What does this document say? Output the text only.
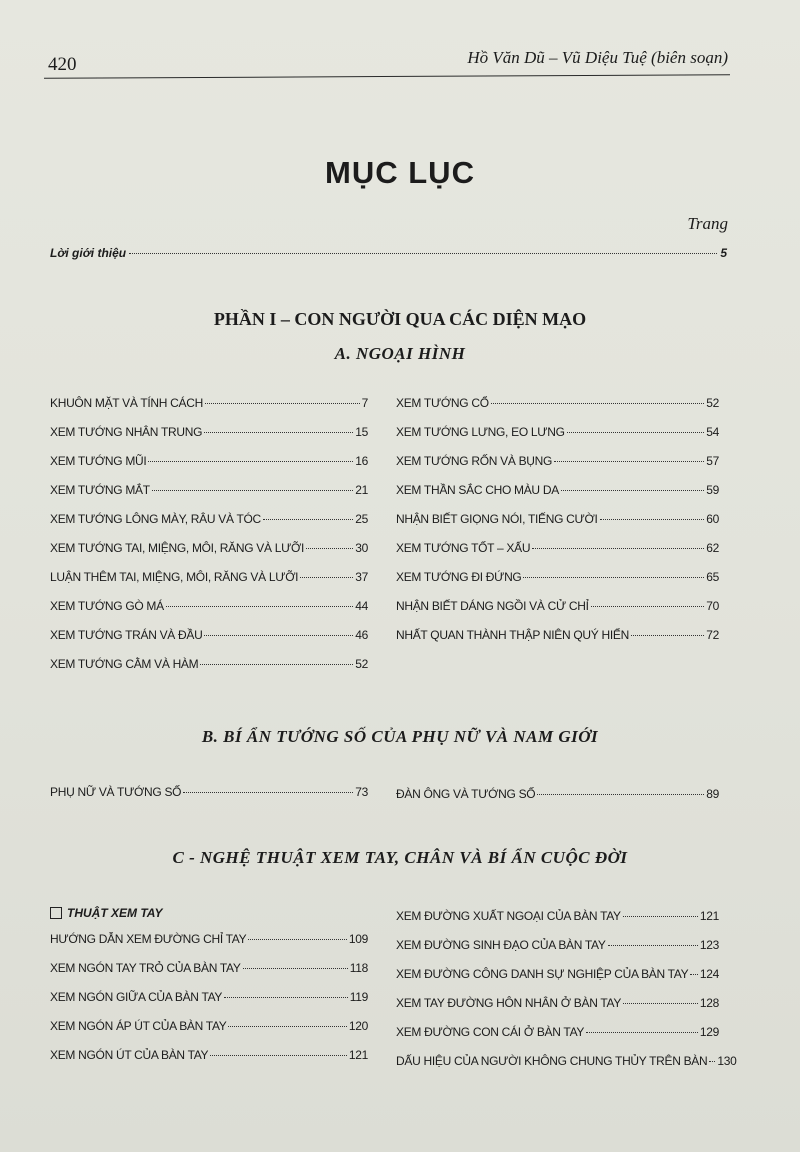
420	Hồ Văn Dũ – Vũ Diệu Tuệ (biên soạn)
MỤC LỤC
Trang
Lời giới thiệu	5
PHẦN I – CON NGƯỜI QUA CÁC DIỆN MẠO
A. NGOẠI HÌNH
KHUÔN MẶT VÀ TÍNH CÁCH	7
XEM TƯỚNG NHÂN TRUNG	15
XEM TƯỚNG MŨI	16
XEM TƯỚNG MẮT	21
XEM TƯỚNG LÔNG MÀY, RÂU VÀ TÓC	25
XEM TƯỚNG TAI, MIỆNG, MÔI, RĂNG VÀ LƯỠI	30
LUẬN THÊM TAI, MIỆNG, MÔI, RĂNG VÀ LƯỠI	37
XEM TƯỚNG GÒ MÁ	44
XEM TƯỚNG TRÁN VÀ ĐẦU	46
XEM TƯỚNG CẰM VÀ HÀM	52
XEM TƯỚNG CỔ	52
XEM TƯỚNG LƯNG, EO LƯNG	54
XEM TƯỚNG RỐN VÀ BỤNG	57
XEM THẦN SẮC CHO MÀU DA	59
NHẬN BIẾT GIỌNG NÓI, TIẾNG CƯỜI	60
XEM TƯỚNG TỐT – XẤU	62
XEM TƯỚNG ĐI ĐỨNG	65
NHẬN BIẾT DÁNG NGỒI VÀ CỬ CHỈ	70
NHẤT QUAN THÀNH THẬP NIÊN QUÝ HIỂN	72
B. BÍ ẨN TƯỚNG SỐ CỦA PHỤ NỮ VÀ NAM GIỚI
PHỤ NỮ VÀ TƯỚNG SỐ	73 ĐÀN ÔNG VÀ TƯỚNG SỐ	89
C - NGHỆ THUẬT XEM TAY, CHÂN VÀ BÍ ẨN CUỘC ĐỜI
THUẬT XEM TAY
HƯỚNG DẪN XEM ĐƯỜNG CHỈ TAY	109
XEM NGÓN TAY TRỎ CỦA BÀN TAY	118
XEM NGÓN GIỮA CỦA BÀN TAY	119
XEM NGÓN ÁP ÚT CỦA BÀN TAY	120
XEM NGÓN ÚT CỦA BÀN TAY	121
XEM ĐƯỜNG XUẤT NGOẠI CỦA BÀN TAY	121
XEM ĐƯỜNG SINH ĐẠO CỦA BÀN TAY	123
XEM ĐƯỜNG CÔNG DANH SỰ NGHIỆP CỦA BÀN TAY 124
XEM TAY ĐƯỜNG HÔN NHÂN Ở BÀN TAY	128
XEM ĐƯỜNG CON CÁI Ở BÀN TAY	129
DẤU HIỆU CỦA NGƯỜI KHÔNG CHUNG THỦY TRÊN BÀN 130
